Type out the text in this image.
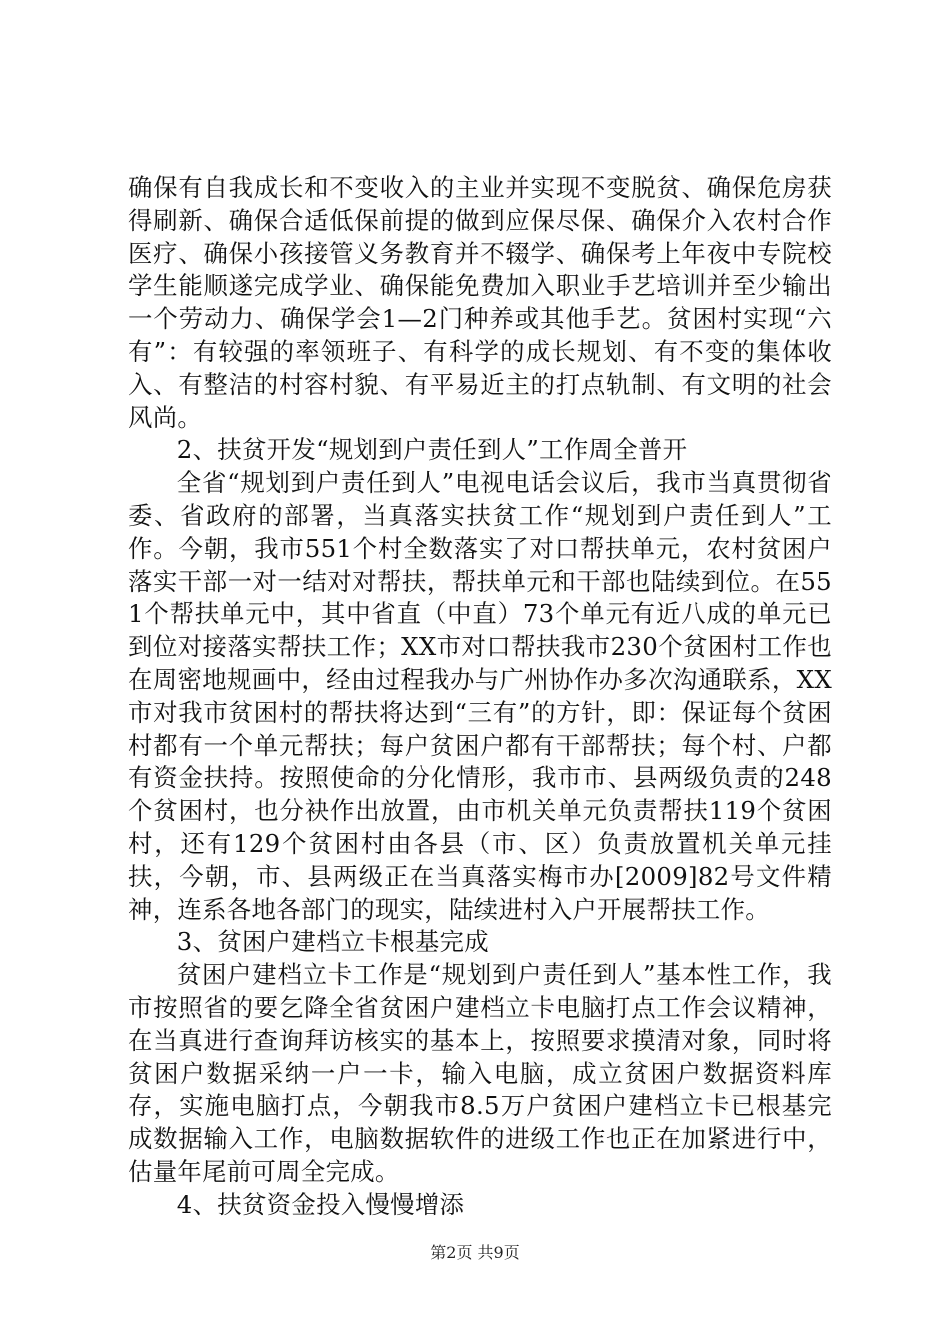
确保有自我成长和不变收入的主业并实现不变脱贫、确保危房获得刷新、确保合适低保前提的做到应保尽保、确保介入农村合作医疗、确保小孩接管义务教育并不辍学、确保考上年夜中专院校学生能顺遂完成学业、确保能免费加入职业手艺培训并至少输出一个劳动力、确保学会1—2门种养或其他手艺。贫困村实现“六有”：有较强的率领班子、有科学的成长规划、有不变的集体收入、有整洁的村容村貌、有平易近主的打点轨制、有文明的社会风尚。

2、扶贫开发“规划到户责任到人”工作周全普开

全省“规划到户责任到人”电视电话会议后，我市当真贯彻省委、省政府的部署，当真落实扶贫工作“规划到户责任到人”工作。今朝，我市551个村全数落实了对口帮扶单元，农村贫困户落实干部一对一结对对帮扶，帮扶单元和干部也陆续到位。在551个帮扶单元中，其中省直（中直）73个单元有近八成的单元已到位对接落实帮扶工作；XX市对口帮扶我市230个贫困村工作也在周密地规画中，经由过程我办与广州协作办多次沟通联系，XX市对我市贫困村的帮扶将达到“三有”的方针，即：保证每个贫困村都有一个单元帮扶；每户贫困户都有干部帮扶；每个村、户都有资金扶持。按照使命的分化情形，我市市、县两级负责的248个贫困村，也分袂作出放置，由市机关单元负责帮扶119个贫困村，还有129个贫困村由各县（市、区）负责放置机关单元挂扶，今朝，市、县两级正在当真落实梅市办[2009]82号文件精神，连系各地各部门的现实，陆续进村入户开展帮扶工作。

3、贫困户建档立卡根基完成

贫困户建档立卡工作是“规划到户责任到人”基本性工作，我市按照省的要乞降全省贫困户建档立卡电脑打点工作会议精神，在当真进行查询拜访核实的基本上，按照要求摸清对象，同时将贫困户数据采纳一户一卡，输入电脑，成立贫困户数据资料库存，实施电脑打点，今朝我市8.5万户贫困户建档立卡已根基完成数据输入工作，电脑数据软件的进级工作也正在加紧进行中，估量年尾前可周全完成。

4、扶贫资金投入慢慢增添

第2页 共9页
